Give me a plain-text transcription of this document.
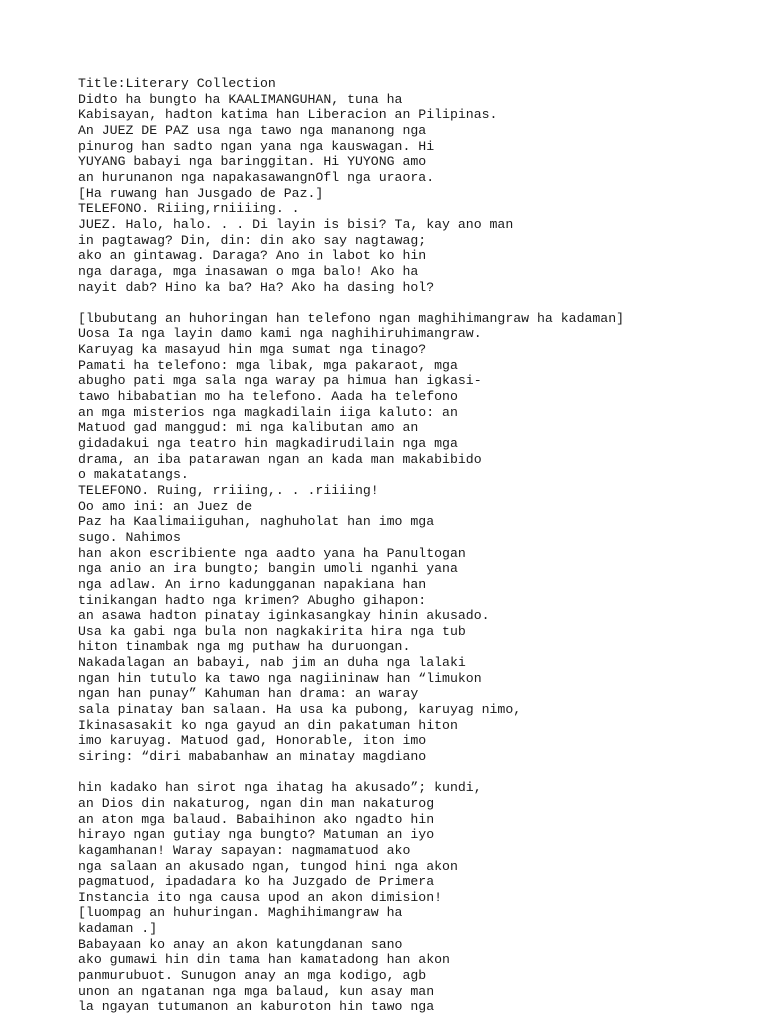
Title:Literary Collection
Didto ha bungto ha KAALIMANGUHAN, tuna ha
Kabisayan, hadton katima han Liberacion an Pilipinas.
An JUEZ DE PAZ usa nga tawo nga mananong nga
pinurog han sadto ngan yana nga kauswagan. Hi
YUYANG babayi nga baringgitan. Hi YUYONG amo
an hurunanon nga napakasawangnOfl nga uraora.
[Ha ruwang han Jusgado de Paz.]
TELEFONO. Riiing,rniiiing. .
JUEZ. Halo, halo. . . Di layin is bisi? Ta, kay ano man
in pagtawag? Din, din: din ako say nagtawag;
ako an gintawag. Daraga? Ano in labot ko hin
nga daraga, mga inasawan o mga balo! Ako ha
nayit dab? Hino ka ba? Ha? Ako ha dasing hol?
[lbubutang an huhoringan han telefono ngan maghihimangraw ha kadaman]
Uosa Ia nga layin damo kami nga naghihiruhimangraw.
Karuyag ka masayud hin mga sumat nga tinago?
Pamati ha telefono: mga libak, mga pakaraot, mga
abugho pati mga sala nga waray pa himua han igkasi-
tawo hibabatian mo ha telefono. Aada ha telefono
an mga misterios nga magkadilain iiga kaluto: an
Matuod gad manggud: mi nga kalibutan amo an
gidadakui nga teatro hin magkadirudilain nga mga
drama, an iba patarawan ngan an kada man makabibido
o makatatangs.
TELEFONO. Ruing, rriiing,. . .riiiing!
Oo amo ini: an Juez de
Paz ha Kaalimaiiguhan, naghuholat han imo mga
sugo. Nahimos
han akon escribiente nga aadto yana ha Panultogan
nga anio an ira bungto; bangin umoli nganhi yana
nga adlaw. An irno kadungganan napakiana han
tinikangan hadto nga krimen? Abugho gihapon:
an asawa hadton pinatay iginkasangkay hinin akusado.
Usa ka gabi nga bula non nagkakirita hira nga tub
hiton tinambak nga mg puthaw ha duruongan.
Nakadalagan an babayi, nab jim an duha nga lalaki
ngan hin tutulo ka tawo nga nagiininaw han “limukon
ngan han punay” Kahuman han drama: an waray
sala pinatay ban salaan. Ha usa ka pubong, karuyag nimo,
Ikinasasakit ko nga gayud an din pakatuman hiton
imo karuyag. Matuod gad, Honorable, iton imo
siring: “diri mababanhaw an minatay magdiano
hin kadako han sirot nga ihatag ha akusado”; kundi,
an Dios din nakaturog, ngan din man nakaturog
an aton mga balaud. Babaihinon ako ngadto hin
hirayo ngan gutiay nga bungto? Matuman an iyo
kagamhanan! Waray sapayan: nagmamatuod ako
nga salaan an akusado ngan, tungod hini nga akon
pagmatuod, ipadadara ko ha Juzgado de Primera
Instancia ito nga causa upod an akon dimision!
[luompag an huhuringan. Maghihimangraw ha
kadaman .]
Babayaan ko anay an akon katungdanan sano
ako gumawi hin din tama han kamatadong han akon
panmurubuot. Sunugon anay an mga kodigo, agb
unon an ngatanan nga mga balaud, kun asay man
la ngayan tutumanon an kaburoton hin tawo nga
